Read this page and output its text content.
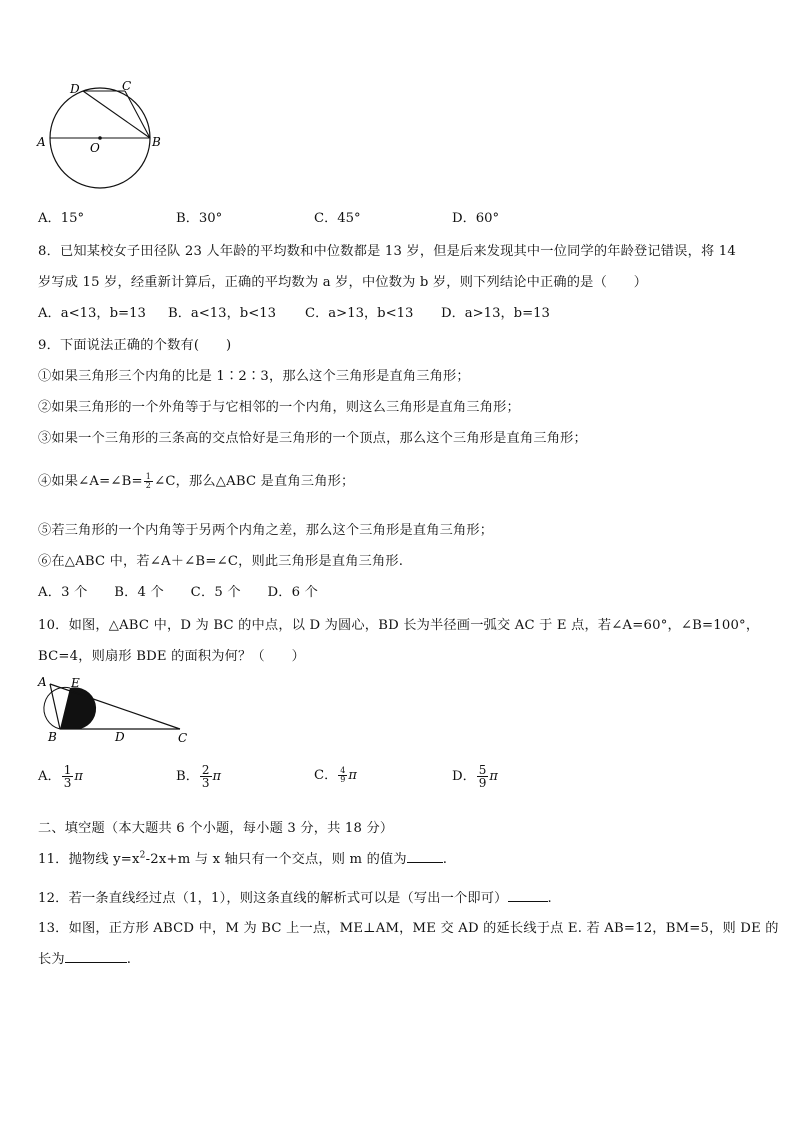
D	C
A	B
O
A．15°	B．30°	C．45°	D．60°
8．已知某校女子田径队 23 人年龄的平均数和中位数都是 13 岁，但是后来发现其中一位同学的年龄登记错误，将 14
岁写成 15 岁，经重新计算后，正确的平均数为 a 岁，中位数为 b 岁，则下列结论中正确的是（　　）
A．a<13，b=13 B．a<13，b<13 C．a>13，b<13 D．a>13，b=13
9．下面说法正确的个数有(　　)
①如果三角形三个内角的比是 1∶2∶3，那么这个三角形是直角三角形；
②如果三角形的一个外角等于与它相邻的一个内角，则这么三角形是直角三角形；
③如果一个三角形的三条高的交点恰好是三角形的一个顶点，那么这个三角形是直角三角形；
④如果∠A=∠B= $\frac{1}{2}$ ∠C，那么△ABC 是直角三角形；
⑤若三角形的一个内角等于另两个内角之差，那么这个三角形是直角三角形；
⑥在△ABC 中，若∠A＋∠B=∠C，则此三角形是直角三角形.
A．3 个　　B．4 个　　C．5 个　　D．6 个
10．如图，△ABC 中，D 为 BC 的中点，以 D 为圆心，BD 长为半径画一弧交 AC 于 E 点，若∠A=60°，∠B=100°，
BC=4，则扇形 BDE 的面积为何？（　　）
A E
B	D	C
A． $\frac{1}{3}$ π	B． $\frac{2}{3}$ π	C． $\frac{4}{9}$ π	D． $\frac{5}{9}$ π
二、填空题（本大题共 6 个小题，每小题 3 分，共 18 分）
11．抛物线 $y=x^2-2x+m$ 与 x 轴只有一个交点，则 m 的值为	.
12．若一条直线经过点（1，1），则这条直线的解析式可以是（写出一个即可）	.
13．如图，正方形 ABCD 中，M 为 BC 上一点，ME⊥AM，ME 交 AD 的延长线于点 E. 若 AB=12，BM=5，则 DE 的
长为	.
